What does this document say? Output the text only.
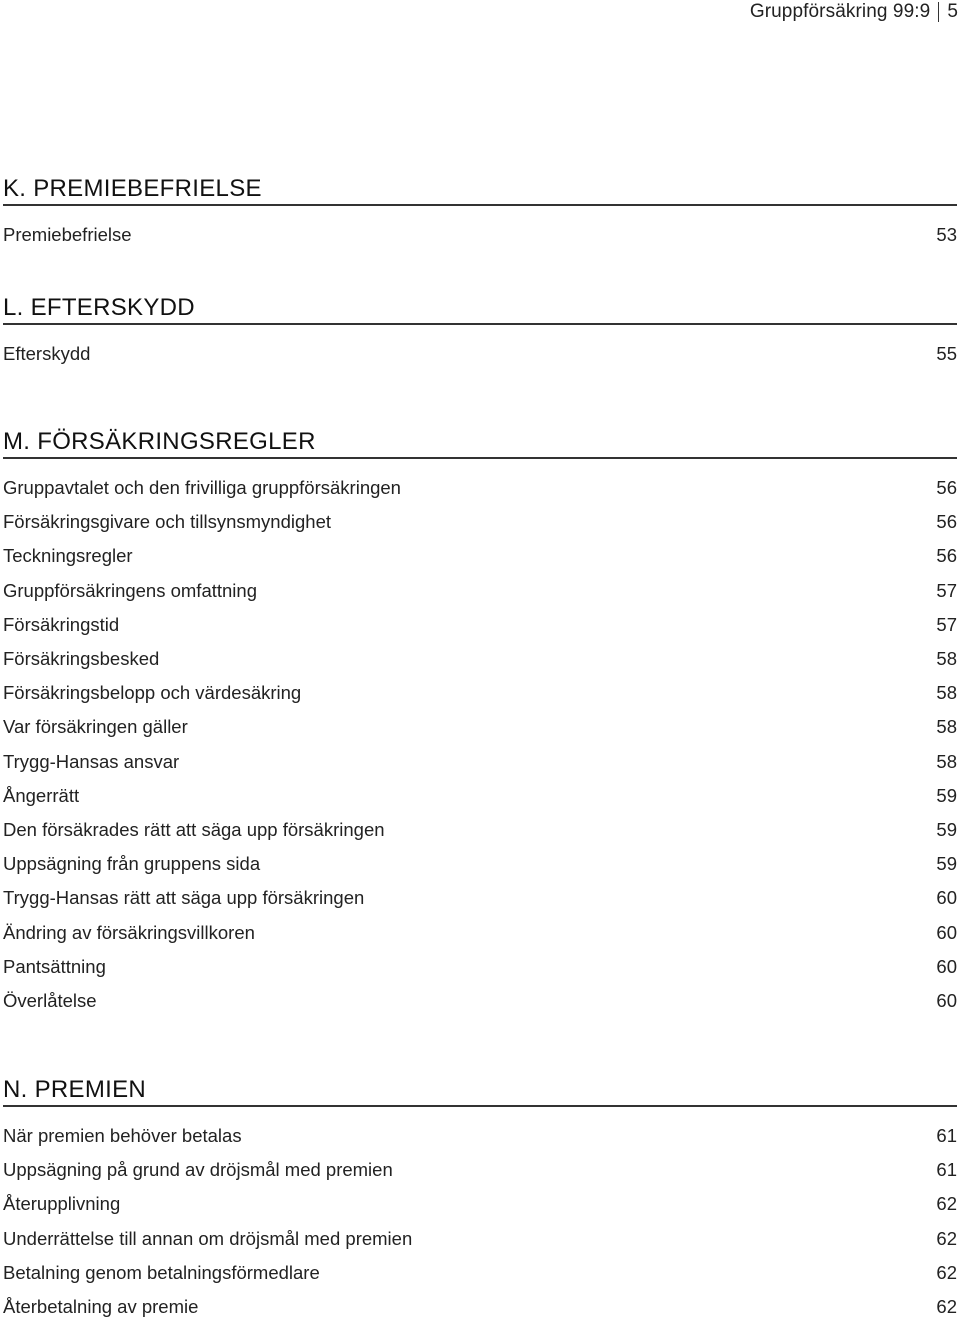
Gruppförsäkring 99:9 5
K. PREMIEBEFRIELSE
Premiebefrielse	53
L. EFTERSKYDD
Efterskydd	55
M. FÖRSÄKRINGSREGLER
Gruppavtalet och den frivilliga gruppförsäkringen	56
Försäkringsgivare och tillsynsmyndighet	56
Teckningsregler	56
Gruppförsäkringens omfattning	57
Försäkringstid	57
Försäkringsbesked	58
Försäkringsbelopp och värdesäkring	58
Var försäkringen gäller	58
Trygg-Hansas ansvar	58
Ångerrätt	59
Den försäkrades rätt att säga upp försäkringen	59
Uppsägning från gruppens sida	59
Trygg-Hansas rätt att säga upp försäkringen	60
Ändring av försäkringsvillkoren	60
Pantsättning	60
Överlåtelse	60
N. PREMIEN
När premien behöver betalas	61
Uppsägning på grund av dröjsmål med premien	61
Återupplivning	62
Underrättelse till annan om dröjsmål med premien	62
Betalning genom betalningsförmedlare	62
Återbetalning av premie	62
